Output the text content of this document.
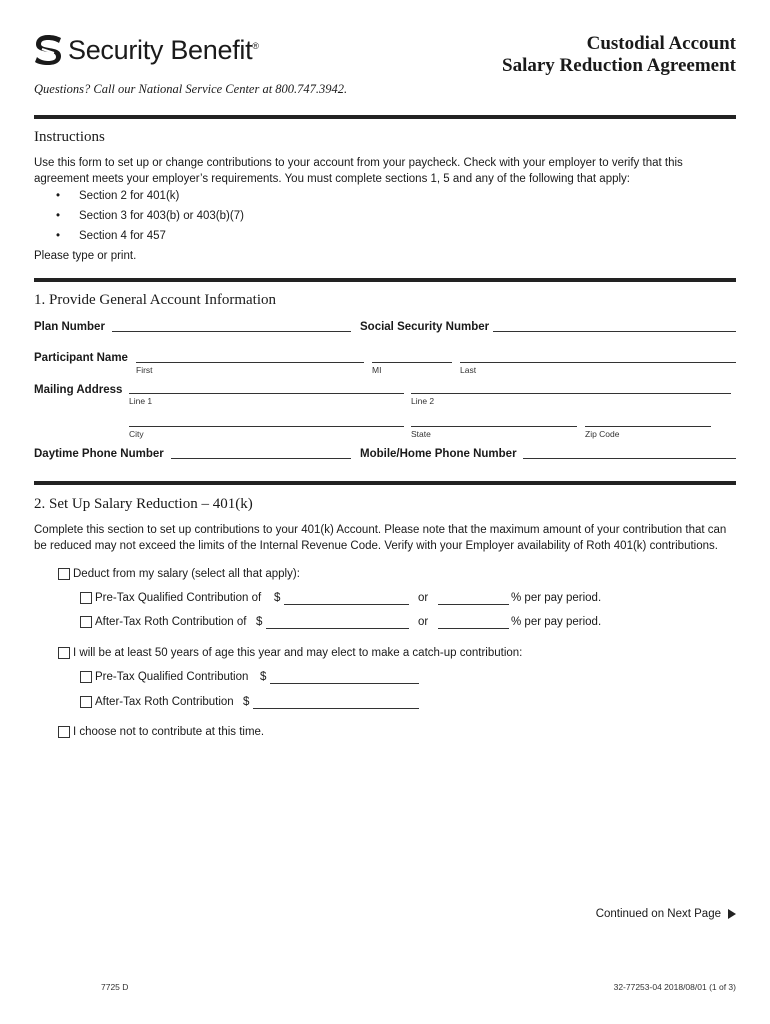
Security Benefit®	Custodial Account
Salary Reduction Agreement
Questions? Call our National Service Center at 800.747.3942.
Instructions
Use this form to set up or change contributions to your account from your paycheck. Check with your employer to verify that this
agreement meets your employer’s requirements. You must complete sections 1, 5 and any of the following that apply:
• Section 2 for 401(k)
• Section 3 for 403(b) or 403(b)(7)
• Section 4 for 457
Please type or print.
1. Provide General Account Information
Plan Number	Social Security Number
Participant Name
First	MI	Last
Mailing Address
Line 1	Line 2
City	State	Zip Code
Daytime Phone Number	Mobile/Home Phone Number
2. Set Up Salary Reduction – 401(k)
Complete this section to set up contributions to your 401(k) Account. Please note that the maximum amount of your contribution that can
be reduced may not exceed the limits of the Internal Revenue Code. Verify with your Employer availability of Roth 401(k) contributions.
Deduct from my salary (select all that apply):
Pre-Tax Qualified Contribution of $	or	% per pay period.
After-Tax Roth Contribution of $	or	% per pay period.
I will be at least 50 years of age this year and may elect to make a catch-up contribution:
Pre-Tax Qualified Contribution $
After-Tax Roth Contribution $
I choose not to contribute at this time.
Continued on Next Page
7725 D	32-77253-04 2018/08/01 (1 of 3)
